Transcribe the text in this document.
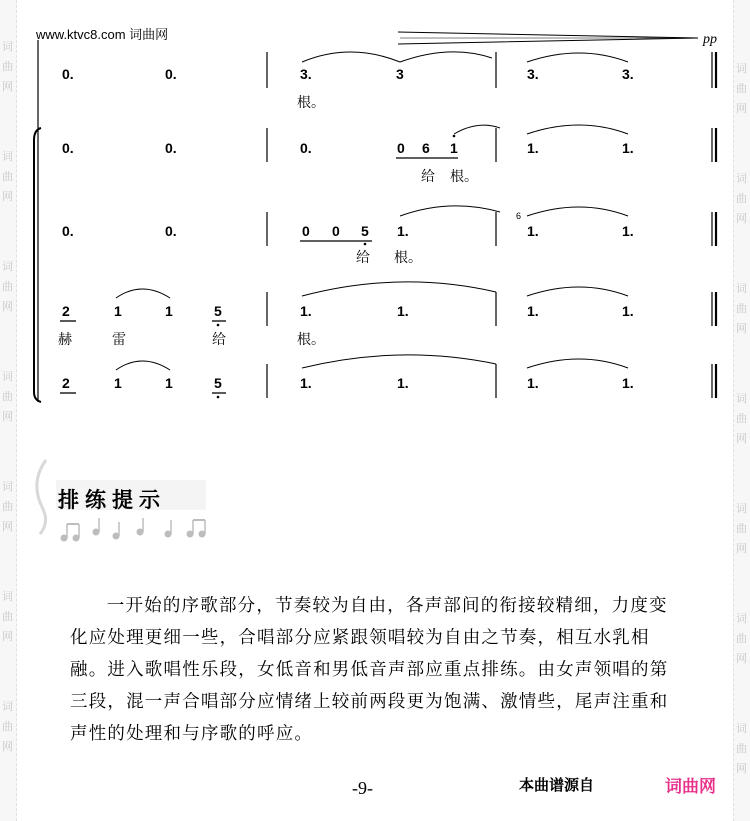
词
曲
网
词
曲
网
词
曲
网
词
曲
网
词
曲
网
词
曲
网
词
曲
网
词
曲
网
词
曲
网
词
曲
网
词
曲
网
词
曲
网
词
曲
网
词
曲
网
www.ktvc8.com 词曲网	pp
0.	0.	3.	3	3.	3.
根。
0.	0.	0.	0 6 1	1.	1.
给 根。
0.	0.	0 0 5 1.	1.	1.
6
给 根。
2	1	1	5	1.	1.	1.	1.
赫	雷	给	根。
2	1	1	5	1.	1.	1.	1.
排练提示

一开始的序歌部分，节奏较为自由，各声部间的衔接较精细，力度变化应处理更细一些，合唱部分应紧跟领唱较为自由之节奏，相互水乳相融。进入歌唱性乐段，女低音和男低音声部应重点排练。由女声领唱的第三段，混一声合唱部分应情绪上较前两段更为饱满、激情些，尾声注重和声性的处理和与序歌的呼应。

-9-	本曲谱源自	词曲网
